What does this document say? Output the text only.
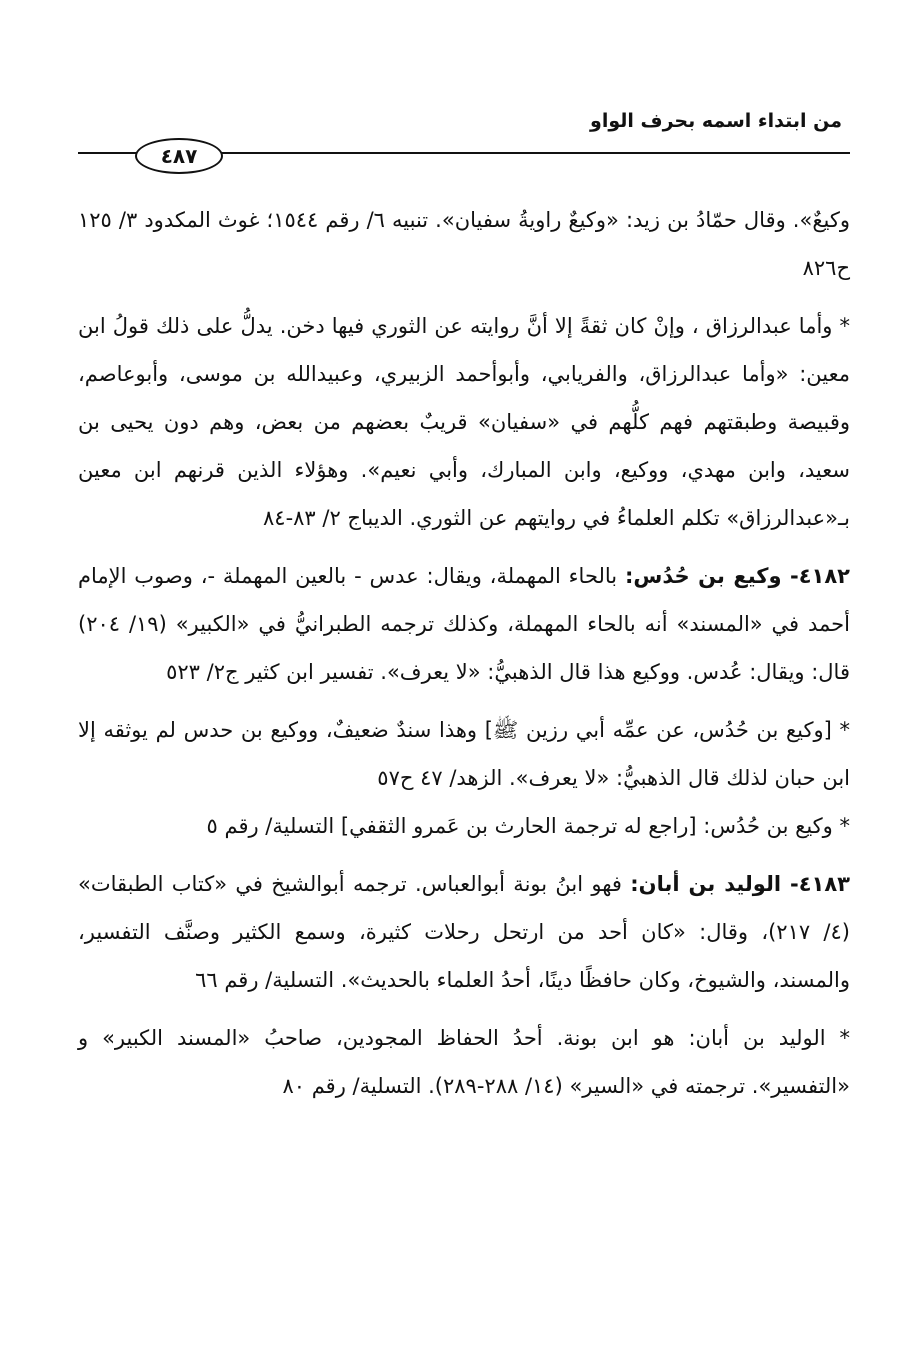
من ابتداء اسمه بحرف الواو
٤٨٧

وكيعٌ». وقال حمّادُ بن زيد: «وكيعٌ راويةُ سفيان». تنبيه ٦/ رقم ١٥٤٤؛ غوث المكدود ٣/ ١٢٥ ح٨٢٦

* وأما عبدالرزاق ، وإنْ كان ثقةً إلا أنَّ روايته عن الثوري فيها دخن. يدلُّ على ذلك قولُ ابن معين: «وأما عبدالرزاق، والفريابي، وأبوأحمد الزبيري، وعبيدالله بن موسى، وأبوعاصم، وقبيصة وطبقتهم فهم كلُّهم في «سفيان» قريبٌ بعضهم من بعض، وهم دون يحيى بن سعيد، وابن مهدي، ووكيع، وابن المبارك، وأبي نعيم». وهؤلاء الذين قرنهم ابن معين بـ«عبدالرزاق» تكلم العلماءُ في روايتهم عن الثوري. الديباج ٢/ ٨٣-٨٤

٤١٨٢- وكيع بن حُدُس: بالحاء المهملة، ويقال: عدس - بالعين المهملة -، وصوب الإمام أحمد في «المسند» أنه بالحاء المهملة، وكذلك ترجمه الطبرانيُّ في «الكبير» (١٩/ ٢٠٤) قال: ويقال: عُدس. ووكيع هذا قال الذهبيُّ: «لا يعرف». تفسير ابن كثير ج٢/ ٥٢٣

* [وكيع بن حُدُس، عن عمِّه أبي رزين ﷺ] وهذا سندٌ ضعيفٌ، ووكيع بن حدس لم يوثقه إلا ابن حبان لذلك قال الذهبيُّ: «لا يعرف». الزهد/ ٤٧ ح٥٧

* وكيع بن حُدُس: [راجع له ترجمة الحارث بن عَمرو الثقفي] التسلية/ رقم ٥

٤١٨٣- الوليد بن أبان: فهو ابنُ بونة أبوالعباس. ترجمه أبوالشيخ في «كتاب الطبقات» (٤/ ٢١٧)، وقال: «كان أحد من ارتحل رحلات كثيرة، وسمع الكثير وصنَّف التفسير، والمسند، والشيوخ، وكان حافظًا دينًا، أحدُ العلماء بالحديث». التسلية/ رقم ٦٦

* الوليد بن أبان: هو ابن بونة. أحدُ الحفاظ المجودين، صاحبُ «المسند الكبير» و «التفسير». ترجمته في «السير» (١٤/ ٢٨٨-٢٨٩). التسلية/ رقم ٨٠
